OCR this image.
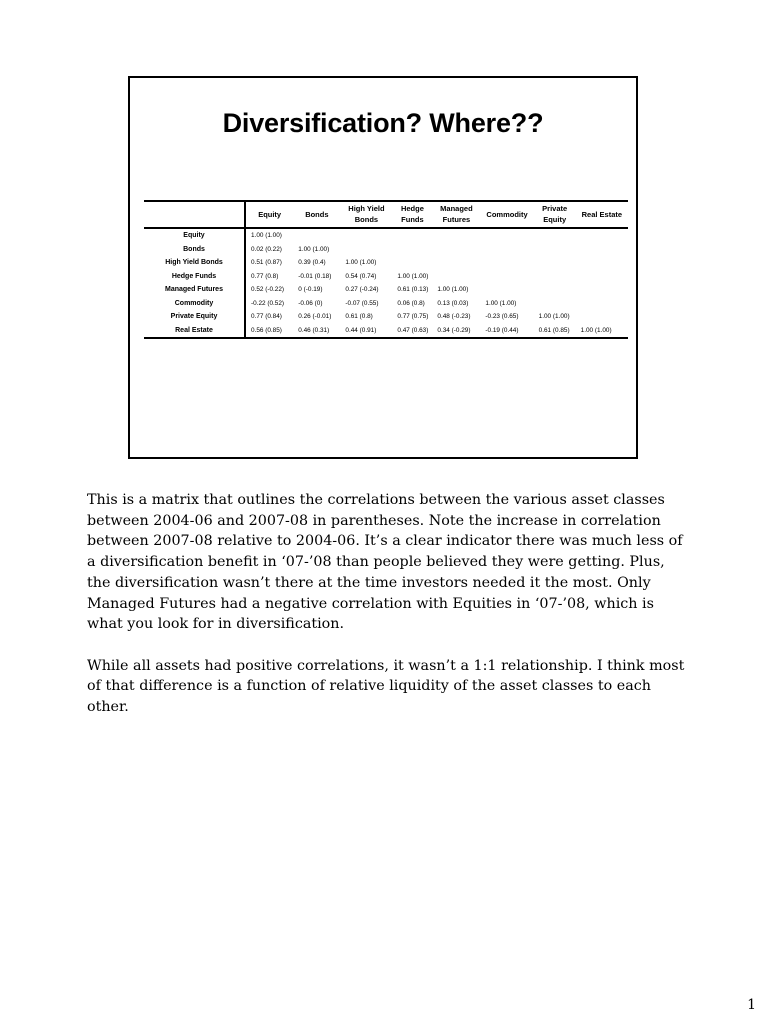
Diversification? Where??
	Equity	Bonds	High Yield Bonds	Hedge Funds	Managed Futures	Commodity	Private Equity	Real Estate
Equity	1.00 (1.00)							
Bonds	0.02 (0.22)	1.00 (1.00)						
High Yield Bonds	0.51 (0.87)	0.39 (0.4)	1.00 (1.00)					
Hedge Funds	0.77 (0.8)	-0.01 (0.18)	0.54 (0.74)	1.00 (1.00)				
Managed Futures	0.52 (-0.22)	0 (-0.19)	0.27 (-0.24)	0.61 (0.13)	1.00 (1.00)			
Commodity	-0.22 (0.52)	-0.06 (0)	-0.07 (0.55)	0.06 (0.8)	0.13 (0.03)	1.00 (1.00)		
Private Equity	0.77 (0.84)	0.26 (-0.01)	0.61 (0.8)	0.77 (0.75)	0.48 (-0.23)	-0.23 (0.65)	1.00 (1.00)	
Real Estate	0.56 (0.85)	0.46 (0.31)	0.44 (0.91)	0.47 (0.63)	0.34 (-0.29)	-0.19 (0.44)	0.61 (0.85)	1.00 (1.00)

This is a matrix that outlines the correlations between the various asset classes between 2004-06 and 2007-08 in parentheses. Note the increase in correlation between 2007-08 relative to 2004-06. It’s a clear indicator there was much less of a diversification benefit in ‘07-’08 than people believed they were getting. Plus, the diversification wasn’t there at the time investors needed it the most. Only Managed Futures had a negative correlation with Equities in ‘07-’08, which is what you look for in diversification.

While all assets had positive correlations, it wasn’t a 1:1 relationship. I think most of that difference is a function of relative liquidity of the asset classes to each other.

1
